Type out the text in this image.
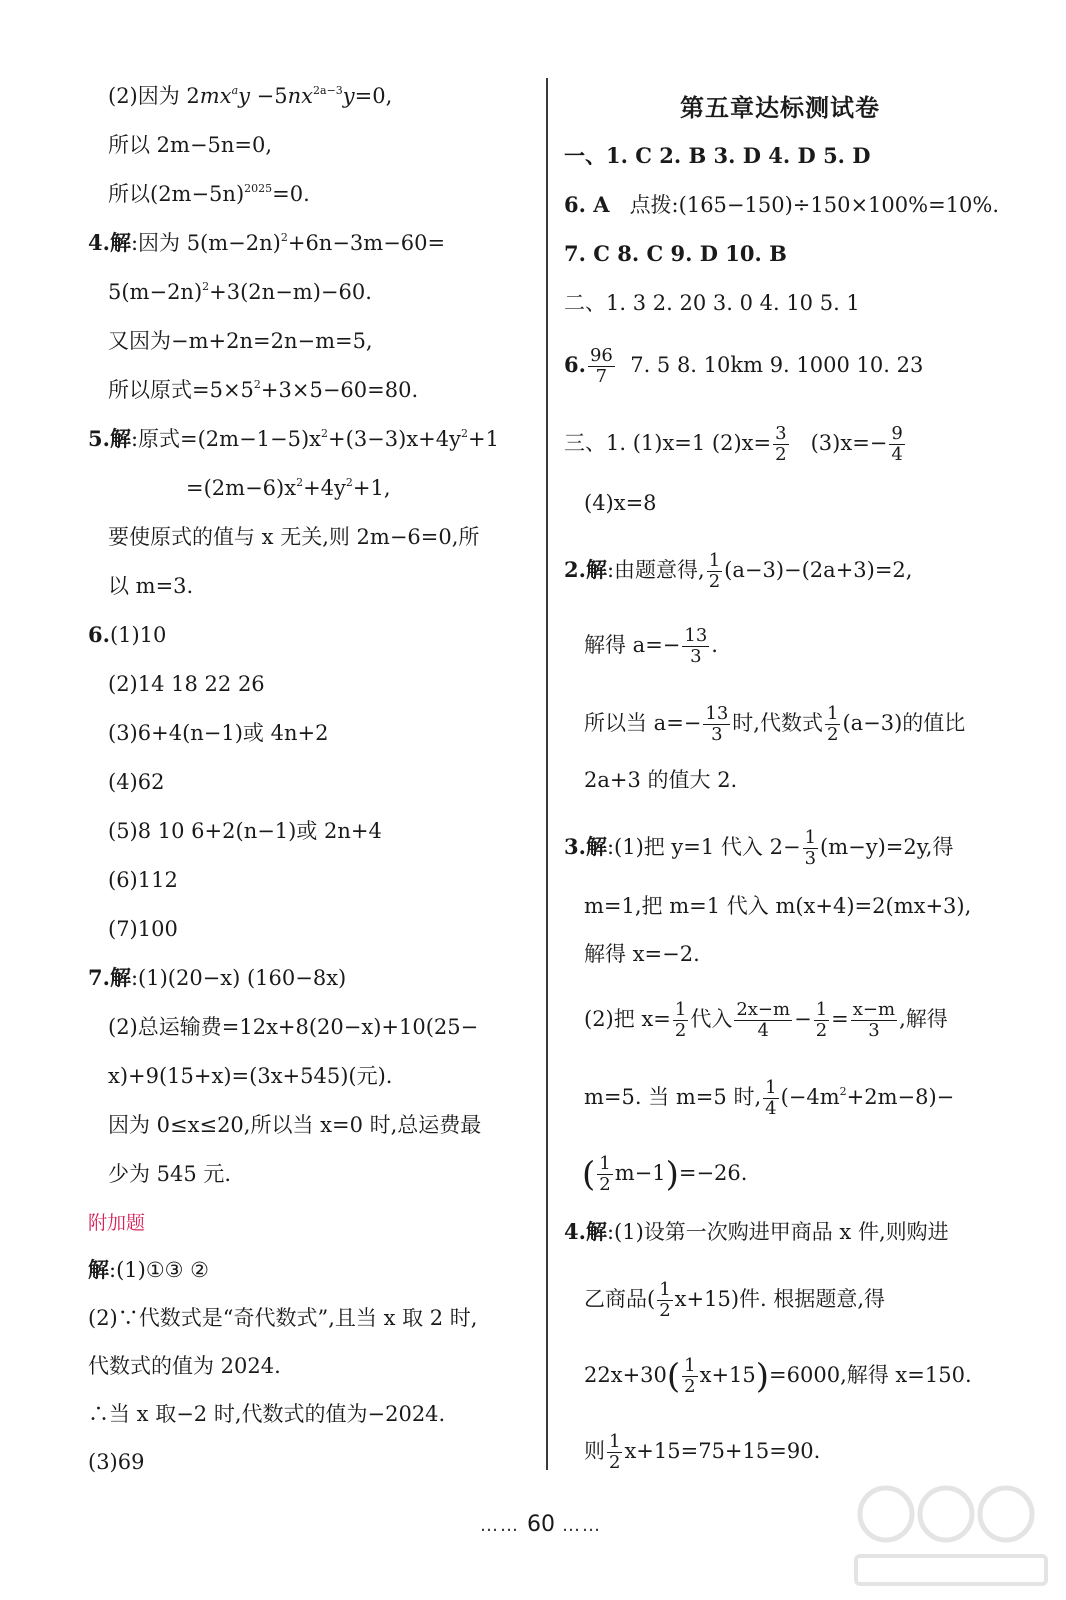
(2)因为 $2mx^ay -5nx^{2a-3}y=0$,
所以 2m−5n=0,
所以$(2m-5n)^{2025}=0$.
4.解:因为 $5(m-2n)^2+6n-3m-60=$
$5(m-2n)^2+3(2n-m)-60$.
又因为−m+2n=2n−m=5,
所以原式$=5\times 5^2+3\times 5-60=80$.
5.解:原式$=(2m-1-5)x^2+(3-3)x+4y^2+1$
$=(2m-6)x^2+4y^2+1$,
要使原式的值与 x 无关,则 2m−6=0,所
以 m=3.
6.(1)10
(2)14 18 22 26
(3)6+4(n−1)或 4n+2
(4)62
(5)8 10 6+2(n−1)或 2n+4
(6)112
(7)100
7.解:(1)(20−x) (160−8x)
(2)总运输费=12x+8(20−x)+10(25−
x)+9(15+x)=(3x+545)(元).
因为 0≤x≤20,所以当 x=0 时,总运费最
少为 545 元.
附加题
解:(1)①③ ②
(2)∵代数式是“奇代数式”,且当 x 取 2 时,
代数式的值为 2024.
∴当 x 取−2 时,代数式的值为−2024.
(3)69
第五章达标测试卷
一、1. C 2. B 3. D 4. D 5. D
6. A 点拨:(165−150)÷150×100%=10%.
7. C 8. C 9. D 10. B
二、1. 3 2. 20 3. 0 4. 10 5. 1
6. $\frac{96}{7} 7$. 5 8. 10km 9. 1000 10. 23
三、1. (1)x=1 $(2)x= \frac{3}{2} (3)x=- \frac{9}{4}$
(4)x=8
2.解:由题意得, $\frac{1}{2} (a-3)-(2a+3)=2$,
解得 $a=- \frac{13}{3}$ .
所以当 $a=- \frac{13}{3}$ 时,代数式 $\frac{1}{2} (a-3)$的值比
2a+3 的值大 2.
3.解:(1)把 y=1 代入 $2- \frac{1}{3} (m-y)=2y$,得
m=1,把 m=1 代入 m(x+4)=2(mx+3),
解得 x=−2.
(2)把 $x= \frac{1}{2}$ 代入 $\frac{2x-m}{4} - \frac{1}{2} = \frac{x-m}{3}$ ,解得
m=5. 当 m=5 时, $\frac{1}{4} (-4m^2+2m-8)-$
( $\frac{1}{2} m-1)=-26$.
4.解:(1)设第一次购进甲商品 x 件,则购进
乙商品( $\frac{1}{2} x+15$)件. 根据题意,得
$22x+30( \frac{1}{2} x+15)=6000$,解得 x=150.
则 $\frac{1}{2} x+15=75+15=90$.
…… 60 ……
